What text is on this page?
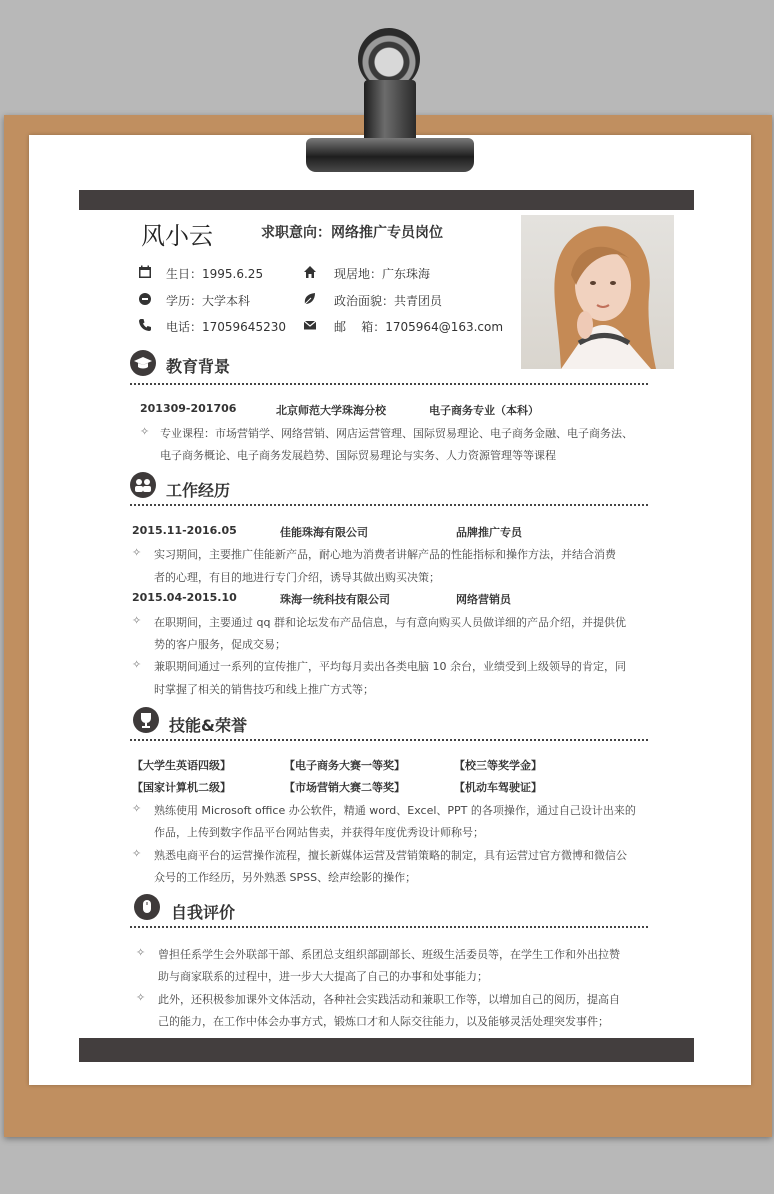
风小云	求职意向：网络推广专员岗位
生日：1995.6.25	现居地：广东珠海
学历：大学本科	政治面貌：共青团员
电话：17059645230	邮    箱：1705964@163.com
教育背景
201309-201706	北京师范大学珠海分校	电子商务专业（本科）
✧ 专业课程：市场营销学、网络营销、网店运营管理、国际贸易理论、电子商务金融、电子商务法、
电子商务概论、电子商务发展趋势、国际贸易理论与实务、人力资源管理等等课程
工作经历
2015.11-2016.05	佳能珠海有限公司	品牌推广专员
✧ 实习期间，主要推广佳能新产品，耐心地为消费者讲解产品的性能指标和操作方法，并结合消费
者的心理，有目的地进行专门介绍，诱导其做出购买决策；
2015.04-2015.10	珠海一统科技有限公司	网络营销员
✧ 在职期间，主要通过 qq 群和论坛发布产品信息，与有意向购买人员做详细的产品介绍，并提供优
势的客户服务，促成交易；
✧ 兼职期间通过一系列的宣传推广，平均每月卖出各类电脑 10 余台，业绩受到上级领导的肯定，同
时掌握了相关的销售技巧和线上推广方式等；
技能&荣誉
【大学生英语四级】	【电子商务大赛一等奖】	【校三等奖学金】
【国家计算机二级】	【市场营销大赛二等奖】	【机动车驾驶证】
✧ 熟练使用 Microsoft office 办公软件，精通 word、Excel、PPT 的各项操作，通过自己设计出来的
作品，上传到数字作品平台网站售卖，并获得年度优秀设计师称号；
✧ 熟悉电商平台的运营操作流程，擅长新媒体运营及营销策略的制定，具有运营过官方微博和微信公
众号的工作经历，另外熟悉 SPSS、绘声绘影的操作；
自我评价
✧ 曾担任系学生会外联部干部、系团总支组织部副部长、班级生活委员等，在学生工作和外出拉赞
助与商家联系的过程中，进一步大大提高了自己的办事和处事能力；
✧ 此外，还积极参加课外文体活动，各种社会实践活动和兼职工作等，以增加自己的阅历，提高自
己的能力，在工作中体会办事方式，锻炼口才和人际交往能力，以及能够灵活处理突发事件；
